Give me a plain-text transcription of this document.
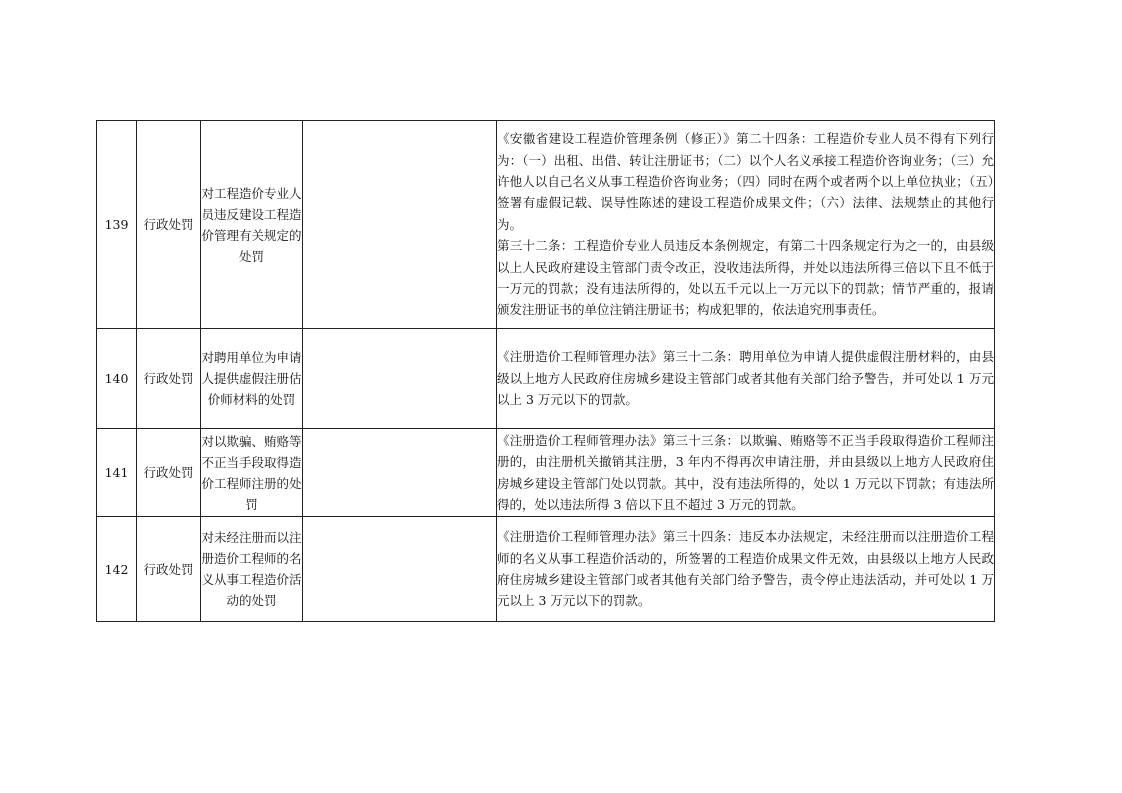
139	行政处罚	对工程造价专业人员违反建设工程造价管理有关规定的处罚		《安徽省建设工程造价管理条例（修正）》第二十四条：工程造价专业人员不得有下列行为：（一）出租、出借、转让注册证书；（二）以个人名义承接工程造价咨询业务；（三）允许他人以自己名义从事工程造价咨询业务；（四）同时在两个或者两个以上单位执业；（五）签署有虚假记载、误导性陈述的建设工程造价成果文件；（六）法律、法规禁止的其他行为。

第三十二条：工程造价专业人员违反本条例规定，有第二十四条规定行为之一的，由县级以上人民政府建设主管部门责令改正，没收违法所得，并处以违法所得三倍以下且不低于一万元的罚款；没有违法所得的，处以五千元以上一万元以下的罚款；情节严重的，报请颁发注册证书的单位注销注册证书；构成犯罪的，依法追究刑事责任。

140	行政处罚	对聘用单位为申请人提供虚假注册估价师材料的处罚		《注册造价工程师管理办法》第三十二条：聘用单位为申请人提供虚假注册材料的，由县级以上地方人民政府住房城乡建设主管部门或者其他有关部门给予警告，并可处以 1 万元以上 3 万元以下的罚款。

141	行政处罚	对以欺骗、贿赂等不正当手段取得造价工程师注册的处罚		《注册造价工程师管理办法》第三十三条：以欺骗、贿赂等不正当手段取得造价工程师注册的，由注册机关撤销其注册，3 年内不得再次申请注册，并由县级以上地方人民政府住房城乡建设主管部门处以罚款。其中，没有违法所得的，处以 1 万元以下罚款；有违法所得的，处以违法所得 3 倍以下且不超过 3 万元的罚款。

142	行政处罚	对未经注册而以注册造价工程师的名义从事工程造价活动的处罚		《注册造价工程师管理办法》第三十四条：违反本办法规定，未经注册而以注册造价工程师的名义从事工程造价活动的，所签署的工程造价成果文件无效，由县级以上地方人民政府住房城乡建设主管部门或者其他有关部门给予警告，责令停止违法活动，并可处以 1 万元以上 3 万元以下的罚款。
